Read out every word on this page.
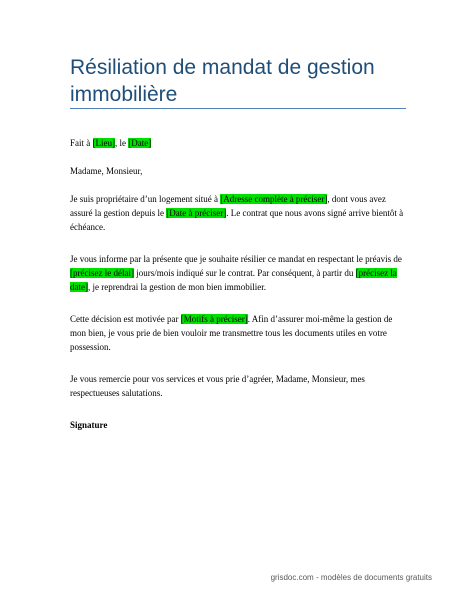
Résiliation de mandat de gestion immobilière

Fait à [Lieu], le [Date]

Madame, Monsieur,

Je suis propriétaire d’un logement situé à [Adresse complète à préciser], dont vous avez assuré la gestion depuis le [Date à préciser]. Le contrat que nous avons signé arrive bientôt à échéance.

Je vous informe par la présente que je souhaite résilier ce mandat en respectant le préavis de [précisez le délai] jours/mois indiqué sur le contrat. Par conséquent, à partir du [précisez la date], je reprendrai la gestion de mon bien immobilier.

Cette décision est motivée par [Motifs à préciser]. Afin d’assurer moi-même la gestion de mon bien, je vous prie de bien vouloir me transmettre tous les documents utiles en votre possession.

Je vous remercie pour vos services et vous prie d’agréer, Madame, Monsieur, mes respectueuses salutations.

Signature

grisdoc.com - modèles de documents gratuits
